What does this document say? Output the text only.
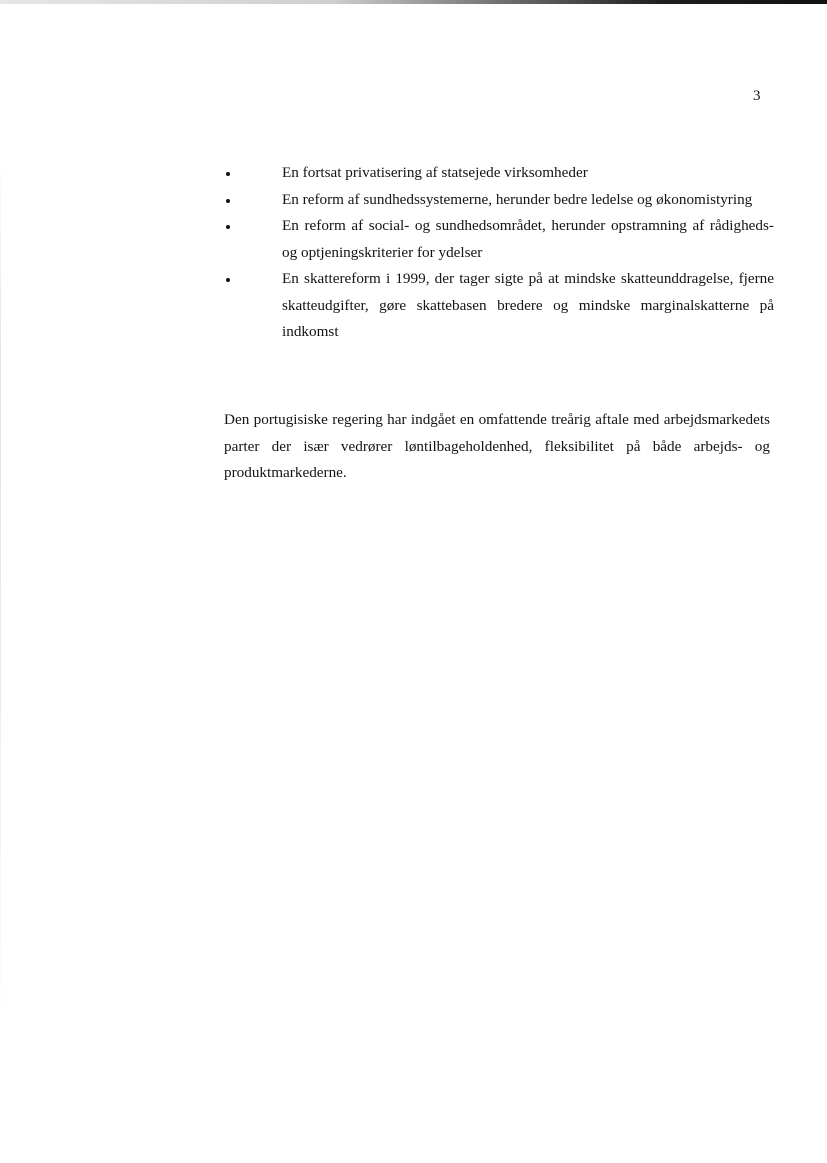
3
En fortsat privatisering af statsejede virksomheder
En reform af sundhedssystemerne, herunder bedre ledelse og økonomistyring
En reform af social- og sundhedsområdet, herunder opstramning af rådigheds- og optjeningskriterier for ydelser
En skattereform i 1999, der tager sigte på at mindske skatteunddragelse, fjerne skatteudgifter, gøre skattebasen bredere og mindske marginalskatterne på indkomst

Den portugisiske regering har indgået en omfattende treårig aftale med arbejdsmarkedets parter der især vedrører løntilbageholdenhed, fleksibilitet på både arbejds- og produktmarkederne.
